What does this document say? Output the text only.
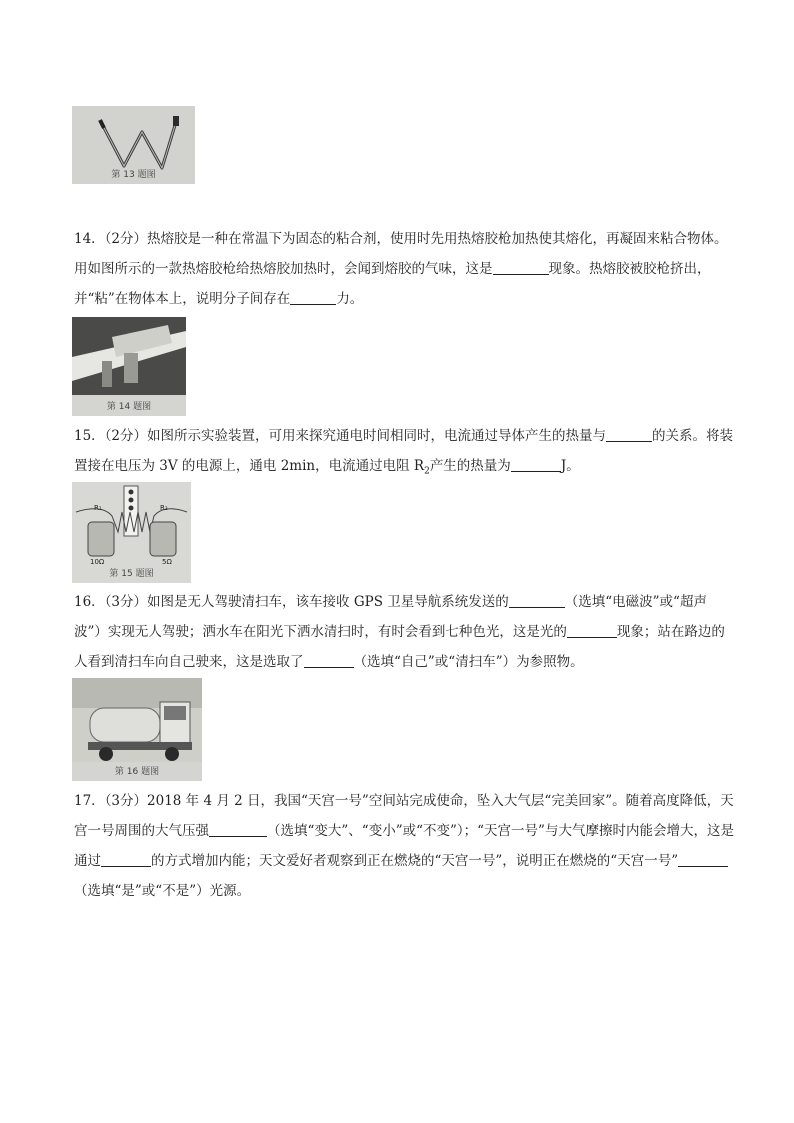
第 13 题图

14．（2分）热熔胶是一种在常温下为固态的粘合剂，使用时先用热熔胶枪加热使其熔化，再凝固来粘合物体。用如图所示的一款热熔胶枪给热熔胶加热时，会闻到熔胶的气味，这是	现象。热熔胶被胶枪挤出，并“粘”在物体本上，说明分子间存在	力。

第 14 题图

15．（2分）如图所示实验装置，可用来探究通电时间相同时，电流通过导体产生的热量与	的关系。将装置接在电压为 3V 的电源上，通电 2min，电流通过电阻 $R_2$产生的热量为	J。

R₁	R₂
10Ω	5Ω
第 15 题图

16．（3分）如图是无人驾驶清扫车，该车接收 GPS 卫星导航系统发送的	（选填“电磁波”或“超声波”）实现无人驾驶；洒水车在阳光下洒水清扫时，有时会看到七种色光，这是光的	现象；站在路边的人看到清扫车向自己驶来，这是选取了	（选填“自己”或“清扫车”）为参照物。

第 16 题图

17．（3分）2018 年 4 月 2 日，我国“天宫一号”空间站完成使命，坠入大气层“完美回家”。随着高度降低，天宫一号周围的大气压强	（选填“变大”、“变小”或“不变”）；“天宫一号”与大气摩擦时内能会增大，这是通过	的方式增加内能；天文爱好者观察到正在燃烧的“天宫一号”，说明正在燃烧的“天宫一号”（选填“是”或“不是”）光源。
